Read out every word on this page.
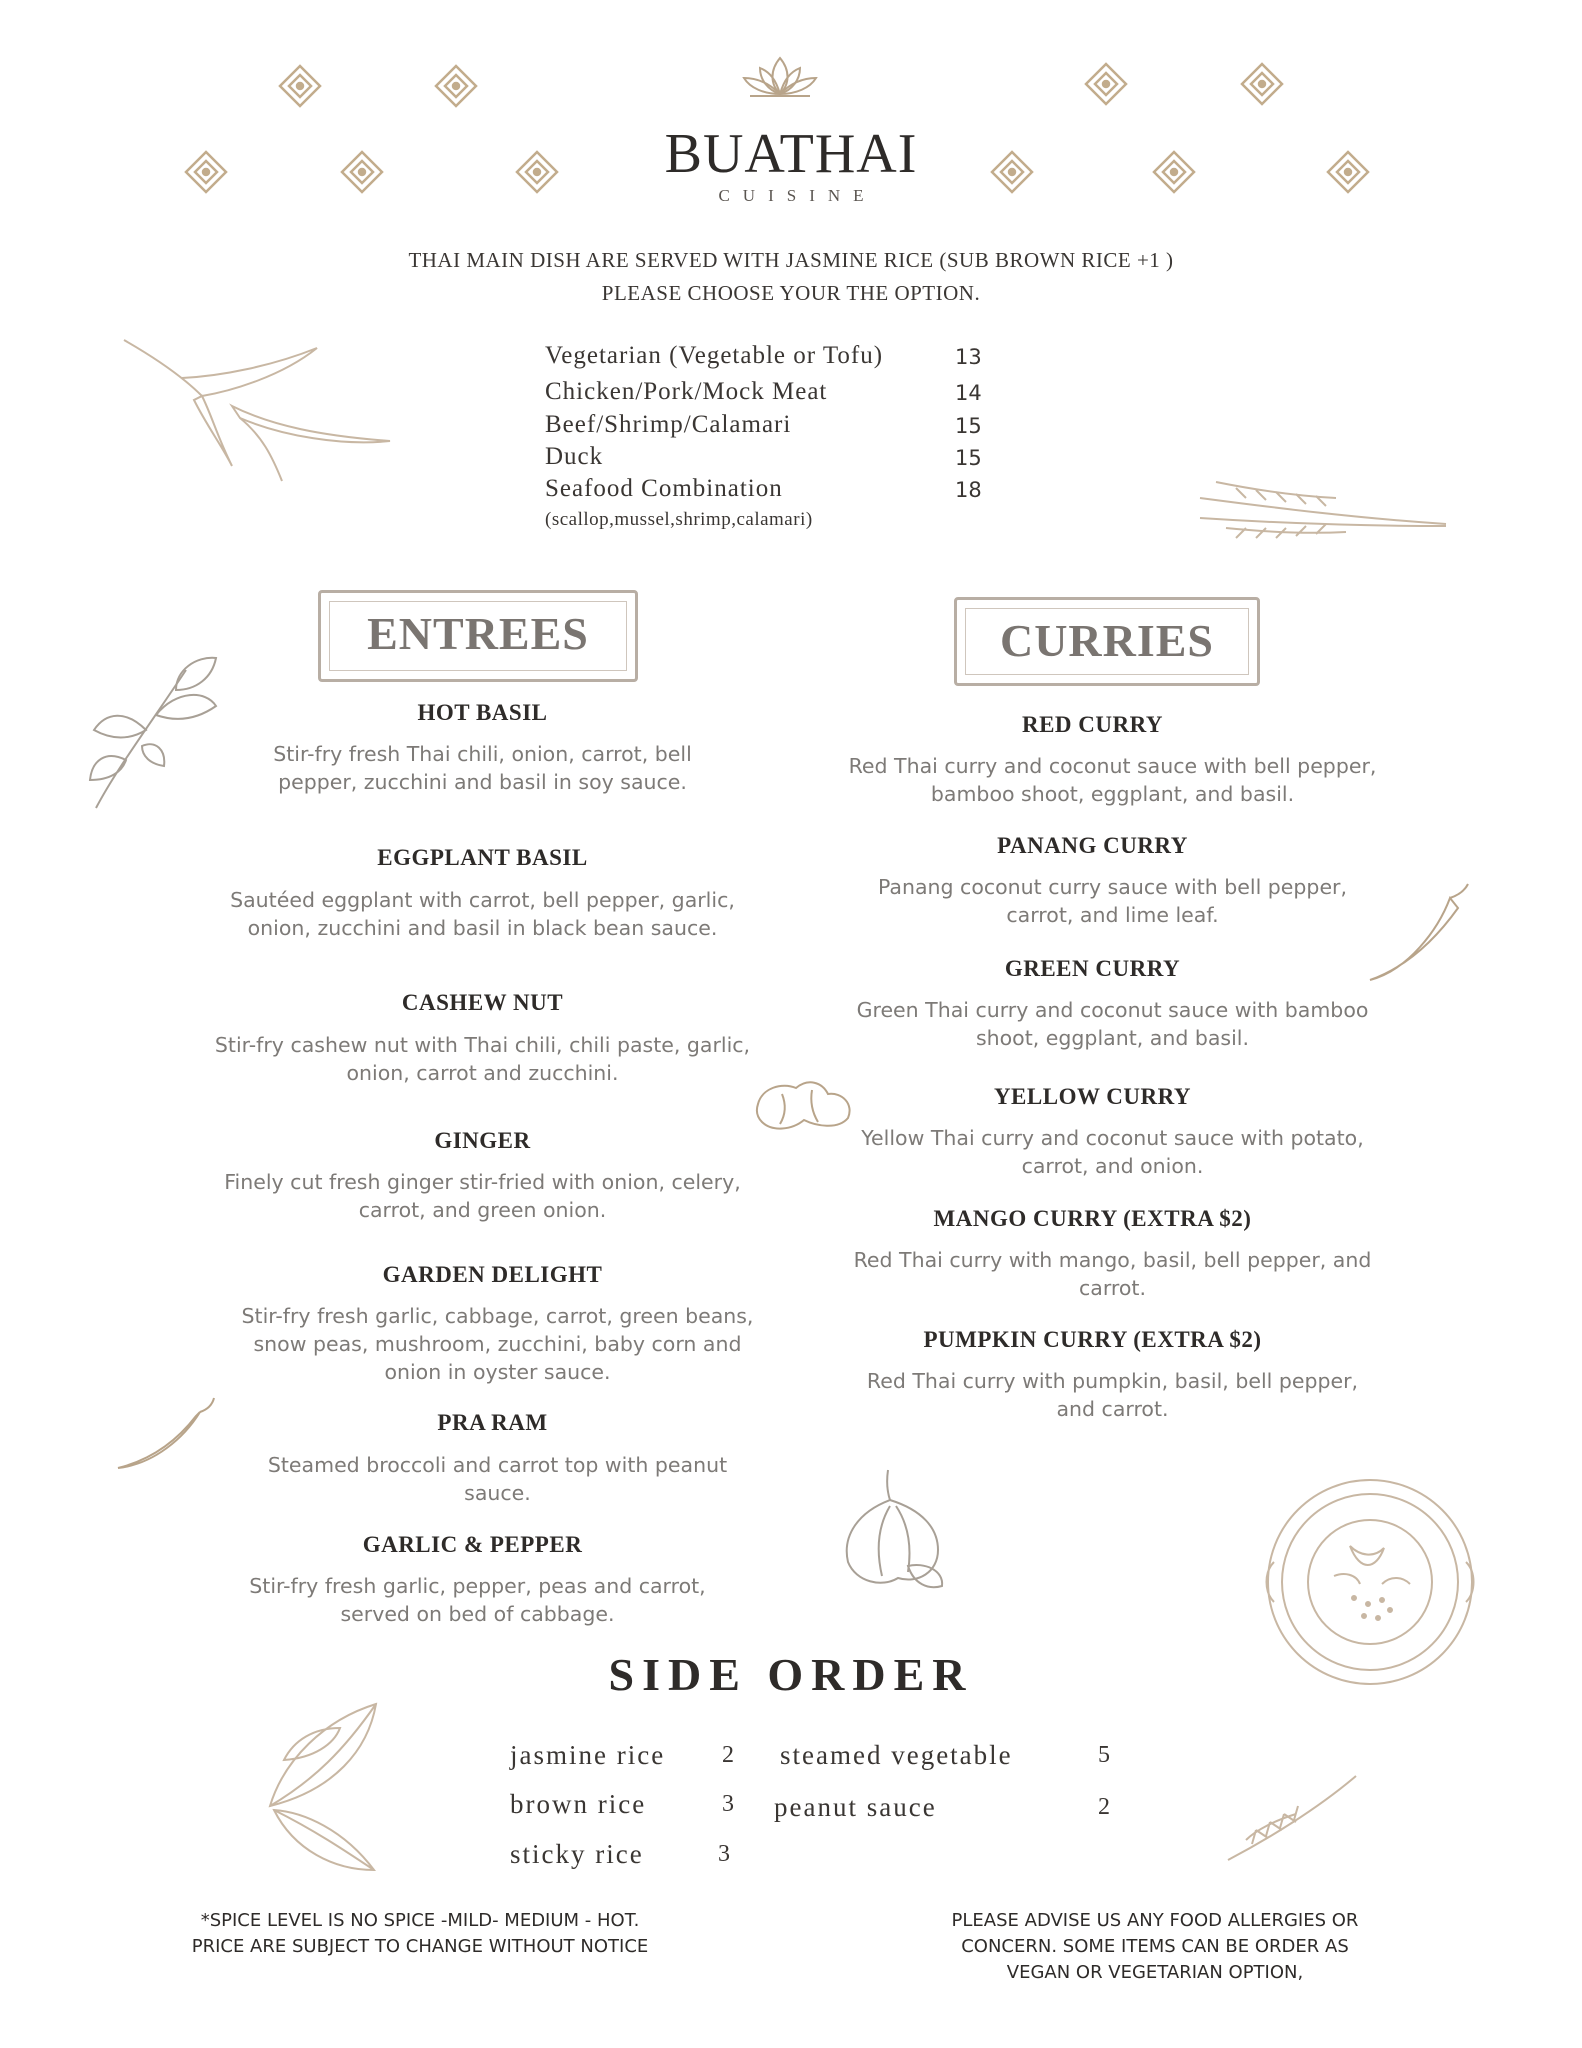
BUATHAI
CUISINE
THAI MAIN DISH ARE SERVED WITH JASMINE RICE (SUB BROWN RICE +1 )
PLEASE CHOOSE YOUR THE OPTION.
Vegetarian (Vegetable or Tofu)	13
Chicken/Pork/Mock Meat	14
Beef/Shrimp/Calamari	15
Duck	15
Seafood Combination	18
(scallop,mussel,shrimp,calamari)
ENTREES
HOT BASIL
Stir-fry fresh Thai chili, onion, carrot, bell pepper, zucchini and basil in soy sauce.
EGGPLANT BASIL
Sautéed eggplant with carrot, bell pepper, garlic, onion, zucchini and basil in black bean sauce.
CASHEW NUT
Stir-fry cashew nut with Thai chili, chili paste, garlic, onion, carrot and zucchini.
GINGER
Finely cut fresh ginger stir-fried with onion, celery, carrot, and green onion.
GARDEN DELIGHT
Stir-fry fresh garlic, cabbage, carrot, green beans, snow peas, mushroom, zucchini, baby corn and onion in oyster sauce.
PRA RAM
Steamed broccoli and carrot top with peanut sauce.
GARLIC & PEPPER
Stir-fry fresh garlic, pepper, peas and carrot, served on bed of cabbage.
CURRIES
RED CURRY
Red Thai curry and coconut sauce with bell pepper, bamboo shoot, eggplant, and basil.
PANANG CURRY
Panang coconut curry sauce with bell pepper, carrot, and lime leaf.
GREEN CURRY
Green Thai curry and coconut sauce with bamboo shoot, eggplant, and basil.
YELLOW CURRY
Yellow Thai curry and coconut sauce with potato, carrot, and onion.
MANGO CURRY (EXTRA $2)
Red Thai curry with mango, basil, bell pepper, and carrot.
PUMPKIN CURRY (EXTRA $2)
Red Thai curry with pumpkin, basil, bell pepper, and carrot.
SIDE ORDER
jasmine rice 2
brown rice	3
sticky rice	3
steamed vegetable	5
peanut sauce	2
*SPICE LEVEL IS NO SPICE -MILD- MEDIUM - HOT.
PRICE ARE SUBJECT TO CHANGE WITHOUT NOTICE
PLEASE ADVISE US ANY FOOD ALLERGIES OR
CONCERN. SOME ITEMS CAN BE ORDER AS
VEGAN OR VEGETARIAN OPTION,
